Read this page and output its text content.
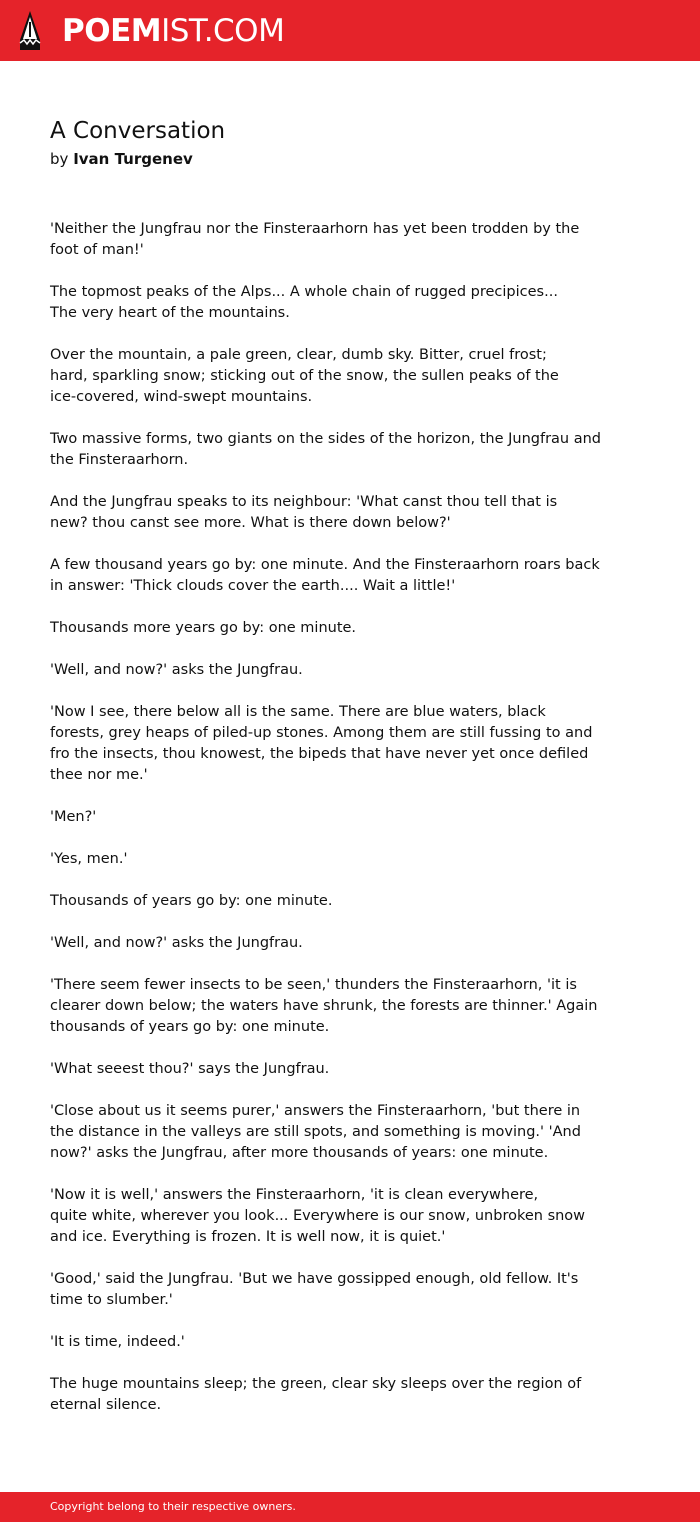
POEMIST.COM
A Conversation
by Ivan Turgenev

'Neither the Jungfrau nor the Finsteraarhorn has yet been trodden by the
foot of man!'

The topmost peaks of the Alps... A whole chain of rugged precipices...
The very heart of the mountains.

Over the mountain, a pale green, clear, dumb sky. Bitter, cruel frost;
hard, sparkling snow; sticking out of the snow, the sullen peaks of the
ice-covered, wind-swept mountains.

Two massive forms, two giants on the sides of the horizon, the Jungfrau and
the Finsteraarhorn.

And the Jungfrau speaks to its neighbour: 'What canst thou tell that is
new? thou canst see more. What is there down below?'

A few thousand years go by: one minute. And the Finsteraarhorn roars back
in answer: 'Thick clouds cover the earth.... Wait a little!'

Thousands more years go by: one minute.

'Well, and now?' asks the Jungfrau.

'Now I see, there below all is the same. There are blue waters, black
forests, grey heaps of piled-up stones. Among them are still fussing to and
fro the insects, thou knowest, the bipeds that have never yet once defiled
thee nor me.'

'Men?'

'Yes, men.'

Thousands of years go by: one minute.

'Well, and now?' asks the Jungfrau.

'There seem fewer insects to be seen,' thunders the Finsteraarhorn, 'it is
clearer down below; the waters have shrunk, the forests are thinner.' Again
thousands of years go by: one minute.

'What seeest thou?' says the Jungfrau.

'Close about us it seems purer,' answers the Finsteraarhorn, 'but there in
the distance in the valleys are still spots, and something is moving.' 'And
now?' asks the Jungfrau, after more thousands of years: one minute.

'Now it is well,' answers the Finsteraarhorn, 'it is clean everywhere,
quite white, wherever you look... Everywhere is our snow, unbroken snow
and ice. Everything is frozen. It is well now, it is quiet.'

'Good,' said the Jungfrau. 'But we have gossipped enough, old fellow. It's
time to slumber.'

'It is time, indeed.'

The huge mountains sleep; the green, clear sky sleeps over the region of
eternal silence.

Copyright belong to their respective owners.
